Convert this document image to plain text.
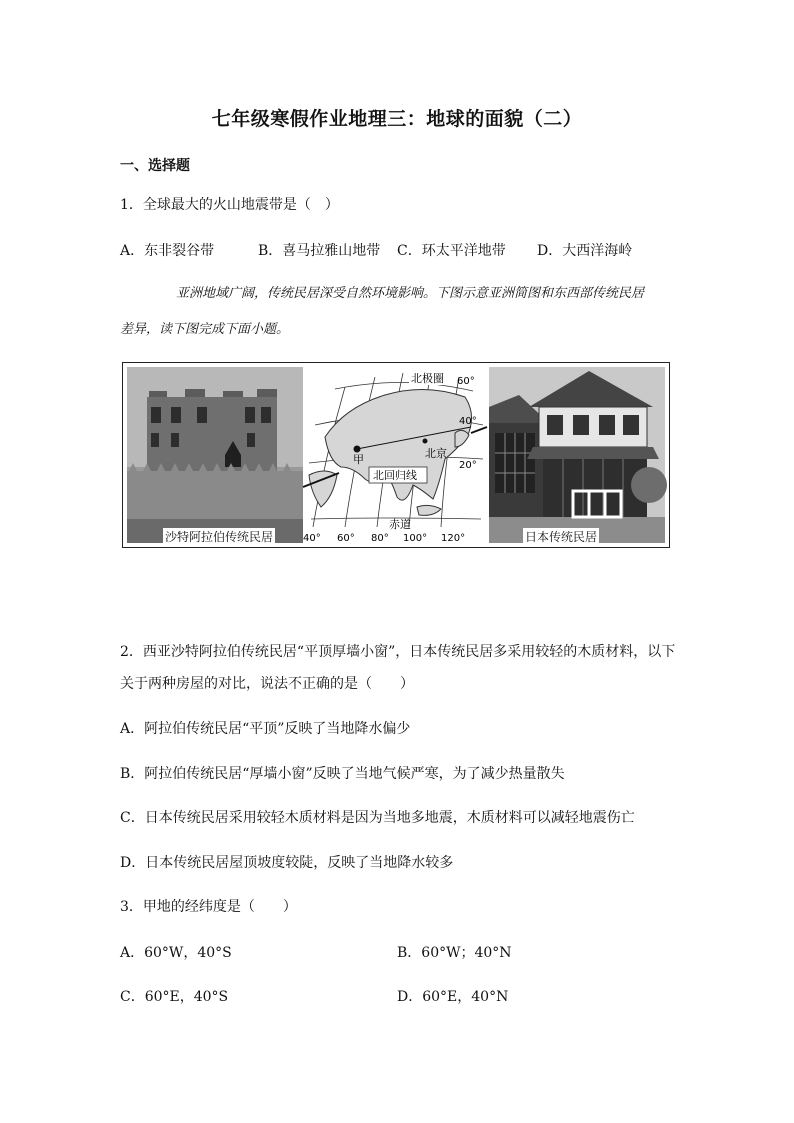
七年级寒假作业地理三：地球的面貌（二）
一、选择题
1．全球最大的火山地震带是（　）
A．东非裂谷带	B．喜马拉雅山地带 C．环太平洋地带 D．大西洋海岭
亚洲地域广阔，传统民居深受自然环境影响。下图示意亚洲简图和东西部传统民居
差异，读下图完成下面小题。
沙特阿拉伯传统民居
北极圈 60°
40°
20°
甲	北京
北回归线
赤道
40° 60° 80° 100° 120°	日本传统民居
2．西亚沙特阿拉伯传统民居“平顶厚墙小窗”，日本传统民居多采用较轻的木质材料，以下
关于两种房屋的对比，说法不正确的是（　　）
A．阿拉伯传统民居“平顶”反映了当地降水偏少
B．阿拉伯传统民居“厚墙小窗”反映了当地气候严寒，为了减少热量散失
C．日本传统民居采用较轻木质材料是因为当地多地震，木质材料可以减轻地震伤亡
D．日本传统民居屋顶坡度较陡，反映了当地降水较多
3．甲地的经纬度是（　　）
A．60°W，40°S	B．60°W；40°N
C．60°E，40°S	D．60°E，40°N
